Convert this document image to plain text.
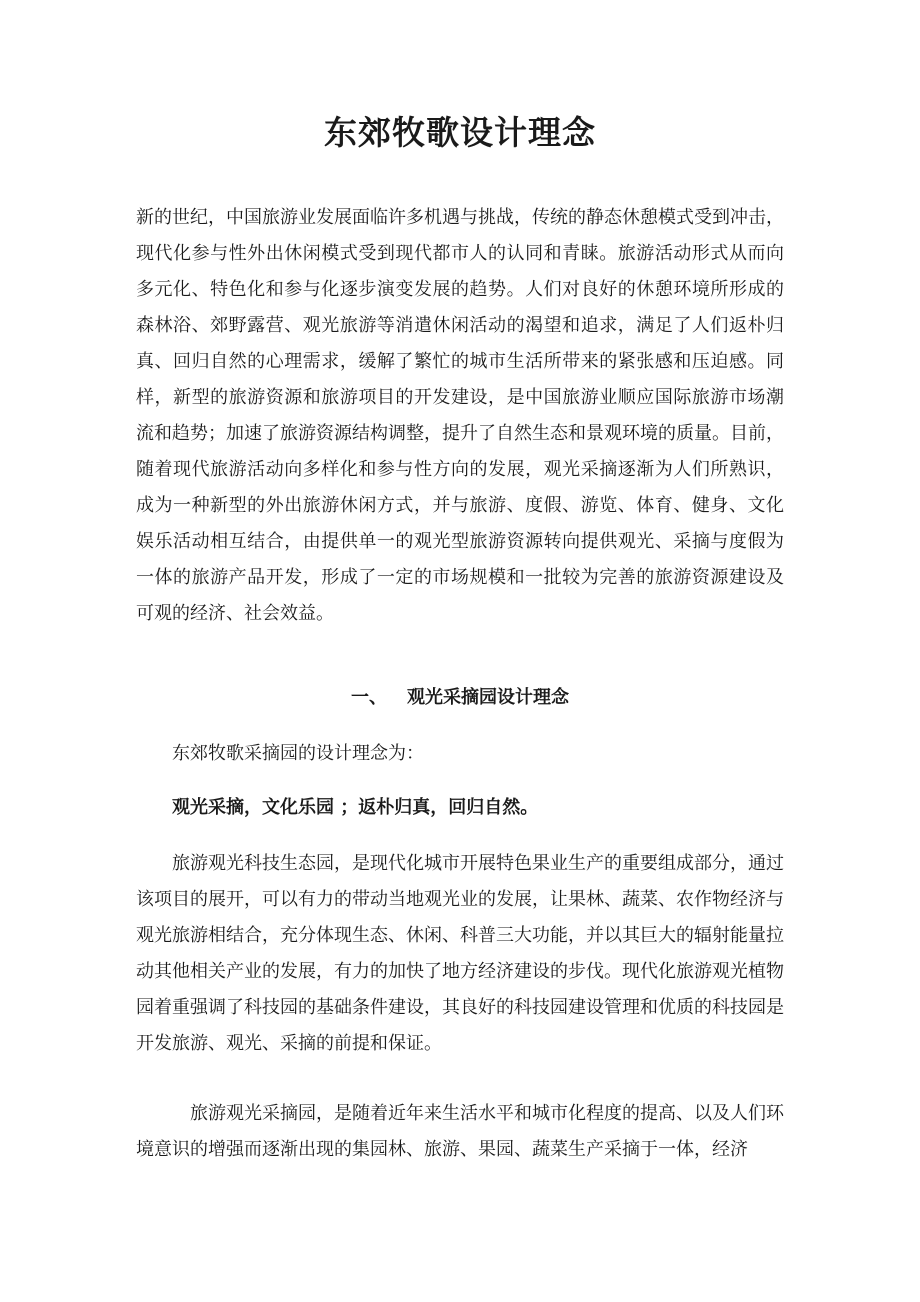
东郊牧歌设计理念

新的世纪，中国旅游业发展面临许多机遇与挑战，传统的静态休憩模式受到冲击， 现代化参与性外出休闲模式受到现代都市人的认同和青睐。旅游活动形式从而向 多元化、特色化和参与化逐步演变发展的趋势。人们对良好的休憩环境所形成的 森林浴、郊野露营、观光旅游等消遣休闲活动的渴望和追求，满足了人们返朴归 真、回归自然的心理需求，缓解了繁忙的城市生活所带来的紧张感和压迫感。同 样，新型的旅游资源和旅游项目的开发建设，是中国旅游业顺应国际旅游市场潮 流和趋势；加速了旅游资源结构调整，提升了自然生态和景观环境的质量。目前， 随着现代旅游活动向多样化和参与性方向的发展，观光采摘逐渐为人们所熟识， 成为一种新型的外出旅游休闲方式，并与旅游、度假、游览、体育、健身、文化 娱乐活动相互结合，由提供单一的观光型旅游资源转向提供观光、采摘与度假为 一体的旅游产品开发，形成了一定的市场规模和一批较为完善的旅游资源建设及 可观的经济、社会效益。

一、 观光采摘园设计理念

东郊牧歌采摘园的设计理念为：

观光采摘，文化乐园 ；返朴归真，回归自然。

旅游观光科技生态园，是现代化城市开展特色果业生产的重要组成部分，通过该项目的展开，可以有力的带动当地观光业的发展，让果林、蔬菜、农作物经济与观光旅游相结合，充分体现生态、休闲、科普三大功能，并以其巨大的辐射能量拉动其他相关产业的发展，有力的加快了地方经济建设的步伐。现代化旅游观光植物园着重强调了科技园的基础条件建设，其良好的科技园建设管理和优质的科技园是开发旅游、观光、采摘的前提和保证。

旅游观光采摘园，是随着近年来生活水平和城市化程度的提高、以及人们环境意识的增强而逐渐出现的集园林、旅游、果园、蔬菜生产采摘于一体，经济
